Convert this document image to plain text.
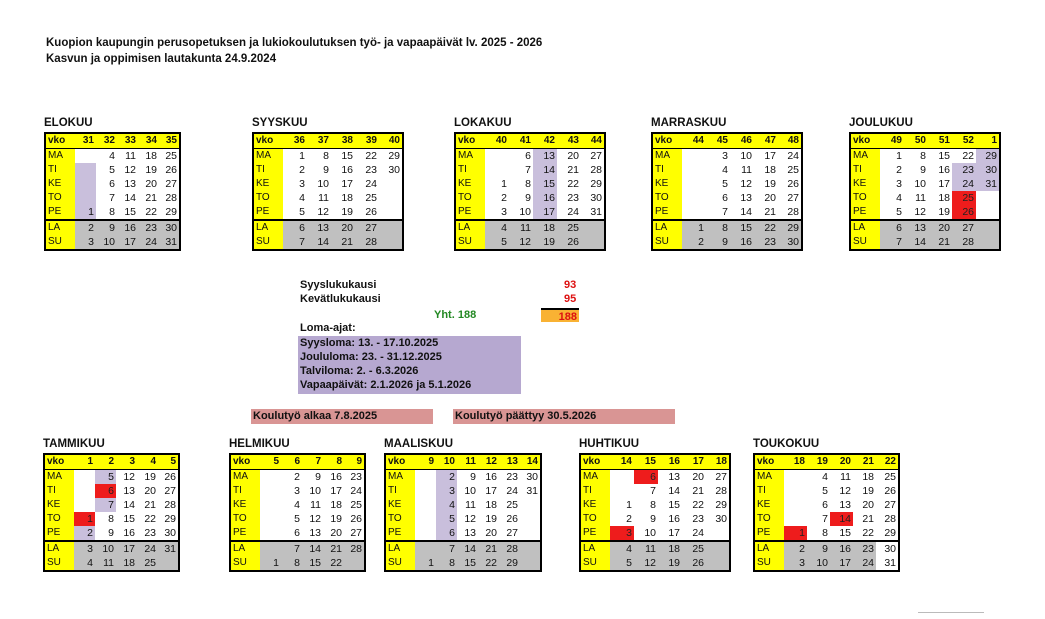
Kuopion kaupungin perusopetuksen ja lukiokoulutuksen työ- ja vapaapäivät lv. 2025 - 2026
Kasvun ja oppimisen lautakunta 24.9.2024
ELOKUU
vko	31	32	33	34	35
MA		4	11	18	25
TI		5	12	19	26
KE		6	13	20	27
TO		7	14	21	28
PE	1	8	15	22	29
LA	2	9	16	23	30
SU	3	10	17	24	31
SYYSKUU
vko	36	37	38	39	40
MA	1	8	15	22	29
TI	2	9	16	23	30
KE	3	10	17	24	
TO	4	11	18	25	
PE	5	12	19	26	
LA	6	13	20	27	
SU	7	14	21	28	
LOKAKUU
vko	40	41	42	43	44
MA		6	13	20	27
TI		7	14	21	28
KE	1	8	15	22	29
TO	2	9	16	23	30
PE	3	10	17	24	31
LA	4	11	18	25	
SU	5	12	19	26	
MARRASKUU
vko	44	45	46	47	48
MA		3	10	17	24
TI		4	11	18	25
KE		5	12	19	26
TO		6	13	20	27
PE		7	14	21	28
LA	1	8	15	22	29
SU	2	9	16	23	30
JOULUKUU
vko	49	50	51	52	1
MA	1	8	15	22	29
TI	2	9	16	23	30
KE	3	10	17	24	31
TO	4	11	18	25	
PE	5	12	19	26	
LA	6	13	20	27	
SU	7	14	21	28	
TAMMIKUU
vko	1	2	3	4	5
MA		5	12	19	26
TI		6	13	20	27
KE		7	14	21	28
TO	1	8	15	22	29
PE	2	9	16	23	30
LA	3	10	17	24	31
SU	4	11	18	25	
HELMIKUU
vko	5	6	7	8	9
MA		2	9	16	23
TI		3	10	17	24
KE		4	11	18	25
TO		5	12	19	26
PE		6	13	20	27
LA		7	14	21	28
SU	1	8	15	22	
MAALISKUU
vko	9	10	11	12	13	14
MA		2	9	16	23	30
TI		3	10	17	24	31
KE		4	11	18	25	
TO		5	12	19	26	
PE		6	13	20	27	
LA		7	14	21	28	
SU	1	8	15	22	29	
HUHTIKUU
vko	14	15	16	17	18
MA		6	13	20	27
TI		7	14	21	28
KE	1	8	15	22	29
TO	2	9	16	23	30
PE	3	10	17	24	
LA	4	11	18	25	
SU	5	12	19	26	
TOUKOKUU
vko	18	19	20	21	22
MA		4	11	18	25
TI		5	12	19	26
KE		6	13	20	27
TO		7	14	21	28
PE	1	8	15	22	29
LA	2	9	16	23	30
SU	3	10	17	24	31
Syyslukukausi	93
Kevätlukukausi	95
Yht. 188	188
Loma-ajat:
Syysloma: 13. - 17.10.2025
Joululoma: 23. - 31.12.2025
Talviloma: 2. - 6.3.2026
Vapaapäivät: 2.1.2026 ja 5.1.2026
Koulutyö alkaa 7.8.2025	Koulutyö päättyy 30.5.2026
